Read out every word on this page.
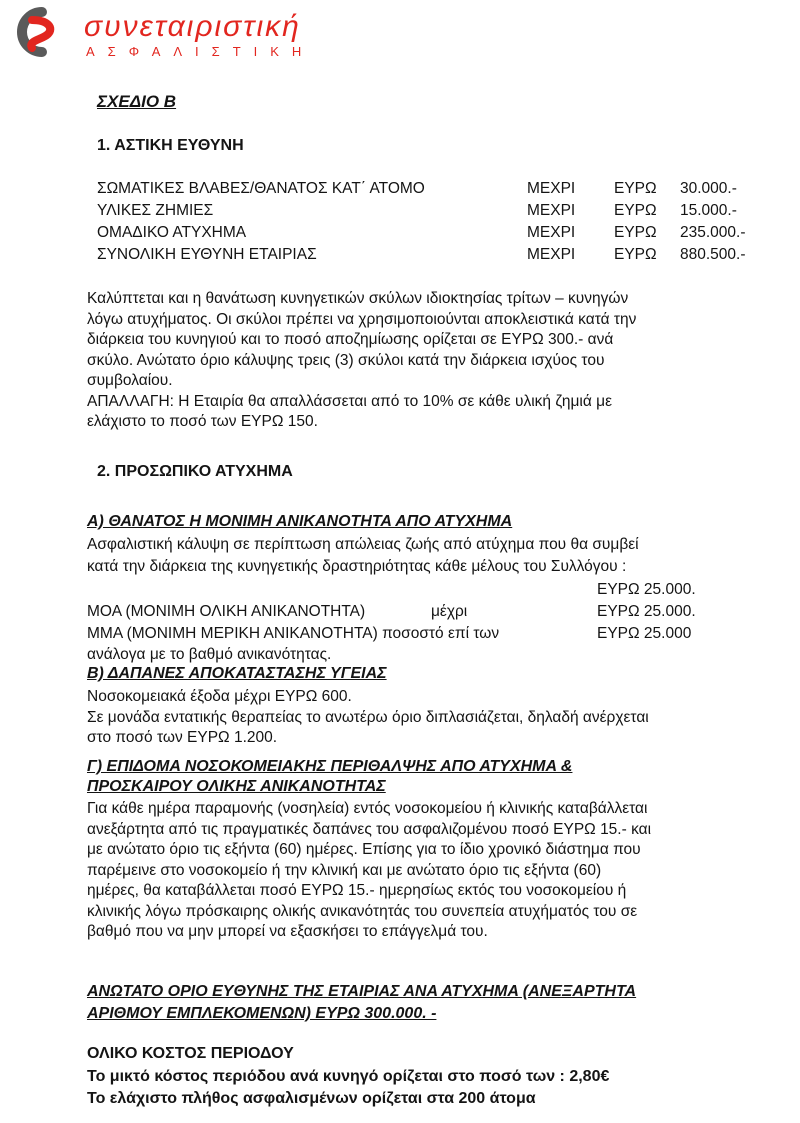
συνεταιριστική
ΑΣΦΑΛΙΣΤΙΚΗ
ΣΧΕΔΙΟ Β
1. ΑΣΤΙΚΗ ΕΥΘΥΝΗ
ΣΩΜΑΤΙΚΕΣ ΒΛΑΒΕΣ/ΘΑΝΑΤΟΣ ΚΑΤ΄ ΑΤΟΜΟ	ΜΕΧΡΙ	ΕΥΡΩ 30.000.-
ΥΛΙΚΕΣ ΖΗΜΙΕΣ	ΜΕΧΡΙ	ΕΥΡΩ 15.000.-
ΟΜΑΔΙΚΟ ΑΤΥΧΗΜΑ	ΜΕΧΡΙ	ΕΥΡΩ 235.000.-
ΣΥΝΟΛΙΚΗ ΕΥΘΥΝΗ ΕΤΑΙΡΙΑΣ	ΜΕΧΡΙ	ΕΥΡΩ 880.500.-
Καλύπτεται και η θανάτωση κυνηγετικών σκύλων ιδιοκτησίας τρίτων – κυνηγών
λόγω ατυχήματος. Οι σκύλοι πρέπει να χρησιμοποιούνται αποκλειστικά κατά την
διάρκεια του κυνηγιού και το ποσό αποζημίωσης ορίζεται σε ΕΥΡΩ 300.- ανά
σκύλο. Ανώτατο όριο κάλυψης τρεις (3) σκύλοι κατά την διάρκεια ισχύος του
συμβολαίου.
ΑΠΑΛΛΑΓΗ: Η Εταιρία θα απαλλάσσεται από το 10% σε κάθε υλική ζημιά με
ελάχιστο το ποσό των ΕΥΡΩ 150.
2. ΠΡΟΣΩΠΙΚΟ ΑΤΥΧΗΜΑ
Α) ΘΑΝΑΤΟΣ Η ΜΟΝΙΜΗ ΑΝΙΚΑΝΟΤΗΤΑ ΑΠΟ ΑΤΥΧΗΜΑ
Ασφαλιστική κάλυψη σε περίπτωση απώλειας ζωής από ατύχημα που θα συμβεί
κατά την διάρκεια της κυνηγετικής δραστηριότητας κάθε μέλους του Συλλόγου :
ΕΥΡΩ 25.000.
ΜΟΑ (ΜΟΝΙΜΗ ΟΛΙΚΗ ΑΝΙΚΑΝΟΤΗΤΑ)	μέχρι	ΕΥΡΩ 25.000.
ΜΜΑ (ΜΟΝΙΜΗ ΜΕΡΙΚΗ ΑΝΙΚΑΝΟΤΗΤΑ) ποσοστό επί των	ΕΥΡΩ 25.000
ανάλογα με το βαθμό ανικανότητας.
Β) ΔΑΠΑΝΕΣ ΑΠΟΚΑΤΑΣΤΑΣΗΣ ΥΓΕΙΑΣ
Νοσοκομειακά έξοδα μέχρι ΕΥΡΩ 600.
Σε μονάδα εντατικής θεραπείας το ανωτέρω όριο διπλασιάζεται, δηλαδή ανέρχεται
στο ποσό των ΕΥΡΩ 1.200.
Γ) ΕΠΙΔΟΜΑ ΝΟΣΟΚΟΜΕΙΑΚΗΣ ΠΕΡΙΘΑΛΨΗΣ ΑΠΟ ΑΤΥΧΗΜΑ &
ΠΡΟΣΚΑΙΡΟΥ ΟΛΙΚΗΣ ΑΝΙΚΑΝΟΤΗΤΑΣ
Για κάθε ημέρα παραμονής (νοσηλεία) εντός νοσοκομείου ή κλινικής καταβάλλεται
ανεξάρτητα από τις πραγματικές δαπάνες του ασφαλιζομένου ποσό ΕΥΡΩ 15.- και
με ανώτατο όριο τις εξήντα (60) ημέρες. Επίσης για το ίδιο χρονικό διάστημα που
παρέμεινε στο νοσοκομείο ή την κλινική και με ανώτατο όριο τις εξήντα (60)
ημέρες, θα καταβάλλεται ποσό ΕΥΡΩ 15.- ημερησίως εκτός του νοσοκομείου ή
κλινικής λόγω πρόσκαιρης ολικής ανικανότητάς του συνεπεία ατυχήματός του σε
βαθμό που να μην μπορεί να εξασκήσει το επάγγελμά του.
ΑΝΩΤΑΤΟ ΟΡΙΟ ΕΥΘΥΝΗΣ ΤΗΣ ΕΤΑΙΡΙΑΣ ΑΝΑ ΑΤΥΧΗΜΑ (ΑΝΕΞΑΡΤΗΤΑ
ΑΡΙΘΜΟΥ ΕΜΠΛΕΚΟΜΕΝΩΝ) ΕΥΡΩ 300.000. -
ΟΛΙΚΟ ΚΟΣΤΟΣ ΠΕΡΙΟΔΟΥ
Το μικτό κόστος περιόδου ανά κυνηγό ορίζεται στο ποσό των : 2,80€
Το ελάχιστο πλήθος ασφαλισμένων ορίζεται στα 200 άτομα
